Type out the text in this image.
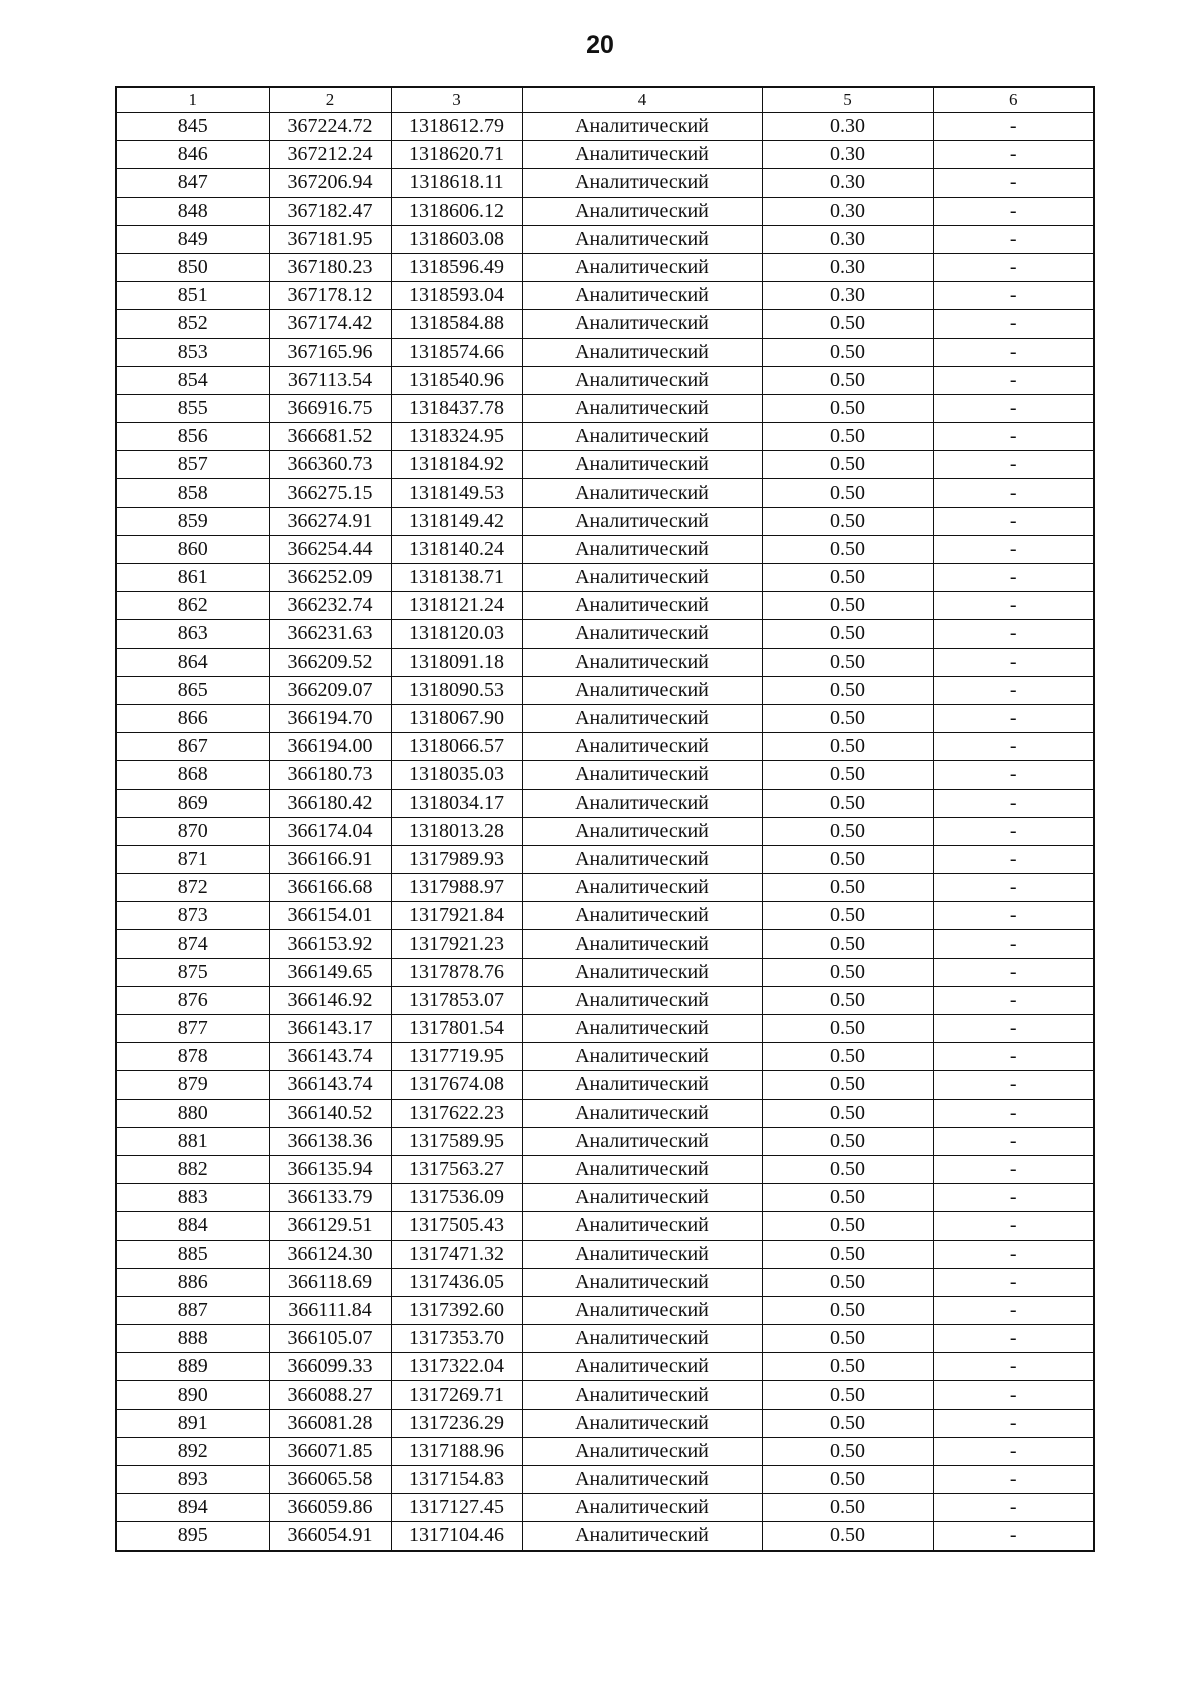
20
1	2	3	4	5	6
845	367224.72	1318612.79	Аналитический	0.30	-
846	367212.24	1318620.71	Аналитический	0.30	-
847	367206.94	1318618.11	Аналитический	0.30	-
848	367182.47	1318606.12	Аналитический	0.30	-
849	367181.95	1318603.08	Аналитический	0.30	-
850	367180.23	1318596.49	Аналитический	0.30	-
851	367178.12	1318593.04	Аналитический	0.30	-
852	367174.42	1318584.88	Аналитический	0.50	-
853	367165.96	1318574.66	Аналитический	0.50	-
854	367113.54	1318540.96	Аналитический	0.50	-
855	366916.75	1318437.78	Аналитический	0.50	-
856	366681.52	1318324.95	Аналитический	0.50	-
857	366360.73	1318184.92	Аналитический	0.50	-
858	366275.15	1318149.53	Аналитический	0.50	-
859	366274.91	1318149.42	Аналитический	0.50	-
860	366254.44	1318140.24	Аналитический	0.50	-
861	366252.09	1318138.71	Аналитический	0.50	-
862	366232.74	1318121.24	Аналитический	0.50	-
863	366231.63	1318120.03	Аналитический	0.50	-
864	366209.52	1318091.18	Аналитический	0.50	-
865	366209.07	1318090.53	Аналитический	0.50	-
866	366194.70	1318067.90	Аналитический	0.50	-
867	366194.00	1318066.57	Аналитический	0.50	-
868	366180.73	1318035.03	Аналитический	0.50	-
869	366180.42	1318034.17	Аналитический	0.50	-
870	366174.04	1318013.28	Аналитический	0.50	-
871	366166.91	1317989.93	Аналитический	0.50	-
872	366166.68	1317988.97	Аналитический	0.50	-
873	366154.01	1317921.84	Аналитический	0.50	-
874	366153.92	1317921.23	Аналитический	0.50	-
875	366149.65	1317878.76	Аналитический	0.50	-
876	366146.92	1317853.07	Аналитический	0.50	-
877	366143.17	1317801.54	Аналитический	0.50	-
878	366143.74	1317719.95	Аналитический	0.50	-
879	366143.74	1317674.08	Аналитический	0.50	-
880	366140.52	1317622.23	Аналитический	0.50	-
881	366138.36	1317589.95	Аналитический	0.50	-
882	366135.94	1317563.27	Аналитический	0.50	-
883	366133.79	1317536.09	Аналитический	0.50	-
884	366129.51	1317505.43	Аналитический	0.50	-
885	366124.30	1317471.32	Аналитический	0.50	-
886	366118.69	1317436.05	Аналитический	0.50	-
887	366111.84	1317392.60	Аналитический	0.50	-
888	366105.07	1317353.70	Аналитический	0.50	-
889	366099.33	1317322.04	Аналитический	0.50	-
890	366088.27	1317269.71	Аналитический	0.50	-
891	366081.28	1317236.29	Аналитический	0.50	-
892	366071.85	1317188.96	Аналитический	0.50	-
893	366065.58	1317154.83	Аналитический	0.50	-
894	366059.86	1317127.45	Аналитический	0.50	-
895	366054.91	1317104.46	Аналитический	0.50	-
